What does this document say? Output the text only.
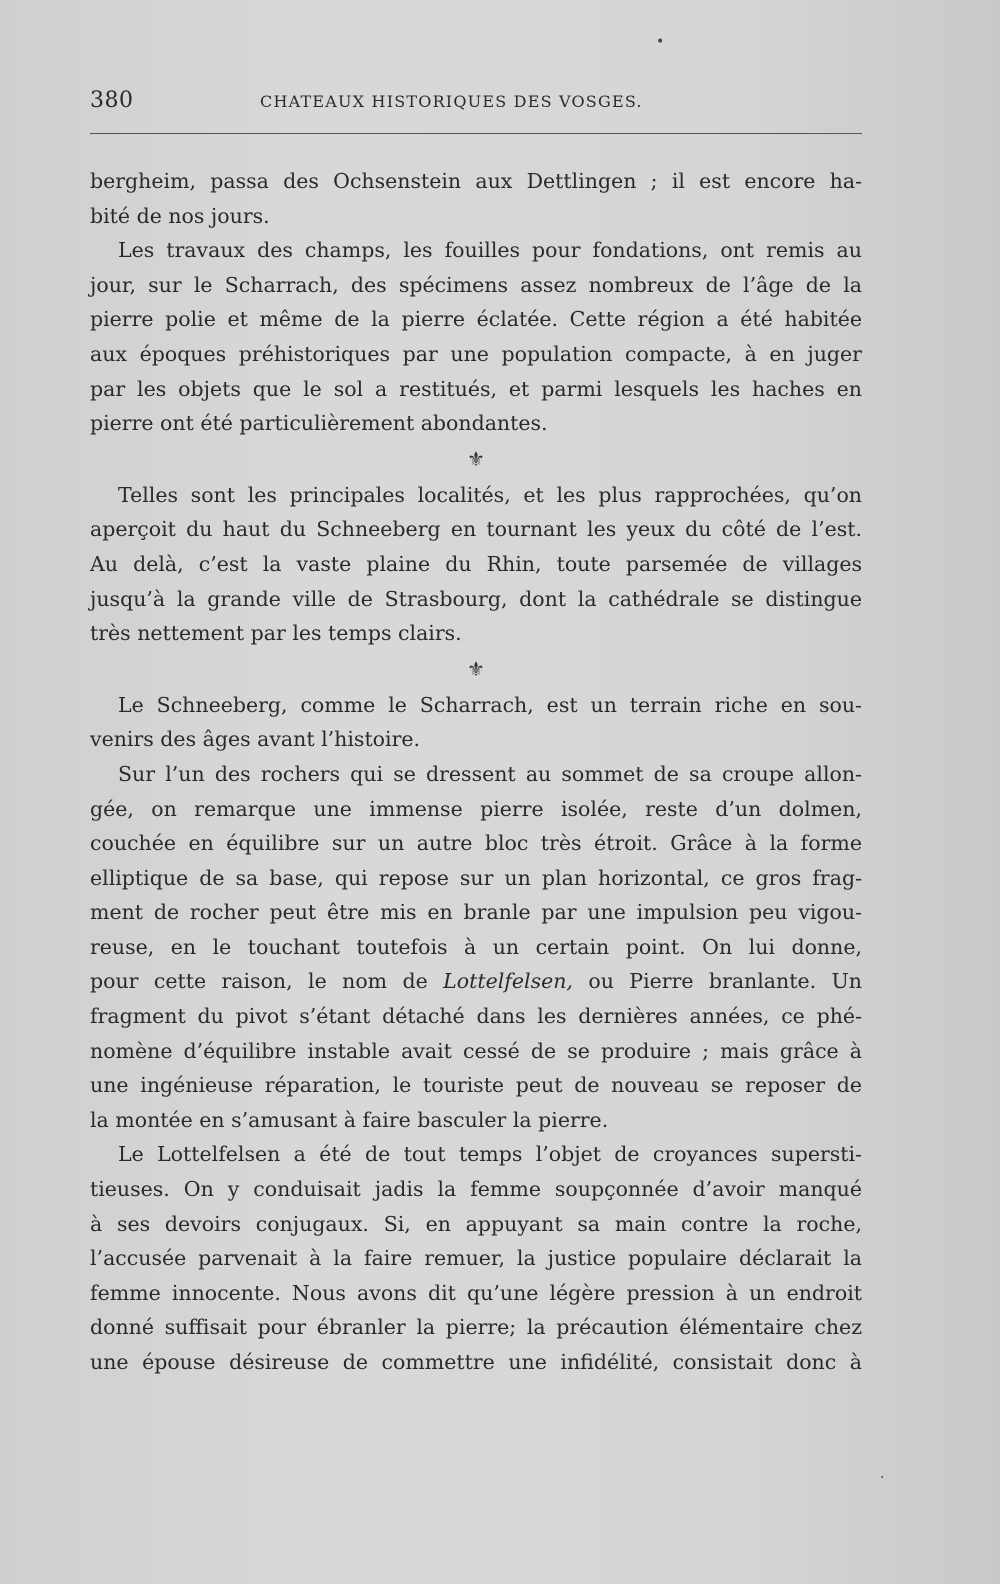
380	CHATEAUX HISTORIQUES DES VOSGES.
bergheim, passa des Ochsenstein aux Dettlingen ; il est encore ha-
bité de nos jours.
Les travaux des champs, les fouilles pour fondations, ont remis au
jour, sur le Scharrach, des spécimens assez nombreux de l’âge de la
pierre polie et même de la pierre éclatée. Cette région a été habitée
aux époques préhistoriques par une population compacte, à en juger
par les objets que le sol a restitués, et parmi lesquels les haches en
pierre ont été particulièrement abondantes.
⚜
Telles sont les principales localités, et les plus rapprochées, qu’on
aperçoit du haut du Schneeberg en tournant les yeux du côté de l’est.
Au delà, c’est la vaste plaine du Rhin, toute parsemée de villages
jusqu’à la grande ville de Strasbourg, dont la cathédrale se distingue
très nettement par les temps clairs.
⚜
Le Schneeberg, comme le Scharrach, est un terrain riche en sou-
venirs des âges avant l’histoire.
Sur l’un des rochers qui se dressent au sommet de sa croupe allon-
gée, on remarque une immense pierre isolée, reste d’un dolmen,
couchée en équilibre sur un autre bloc très étroit. Grâce à la forme
elliptique de sa base, qui repose sur un plan horizontal, ce gros frag-
ment de rocher peut être mis en branle par une impulsion peu vigou-
reuse, en le touchant toutefois à un certain point. On lui donne,
pour cette raison, le nom de Lottelfelsen, ou Pierre branlante. Un
fragment du pivot s’étant détaché dans les dernières années, ce phé-
nomène d’équilibre instable avait cessé de se produire ; mais grâce à
une ingénieuse réparation, le touriste peut de nouveau se reposer de
la montée en s’amusant à faire basculer la pierre.
Le Lottelfelsen a été de tout temps l’objet de croyances supersti-
tieuses. On y conduisait jadis la femme soupçonnée d’avoir manqué
à ses devoirs conjugaux. Si, en appuyant sa main contre la roche,
l’accusée parvenait à la faire remuer, la justice populaire déclarait la
femme innocente. Nous avons dit qu’une légère pression à un endroit
donné suffisait pour ébranler la pierre; la précaution élémentaire chez
une épouse désireuse de commettre une infidélité, consistait donc à
•
·
